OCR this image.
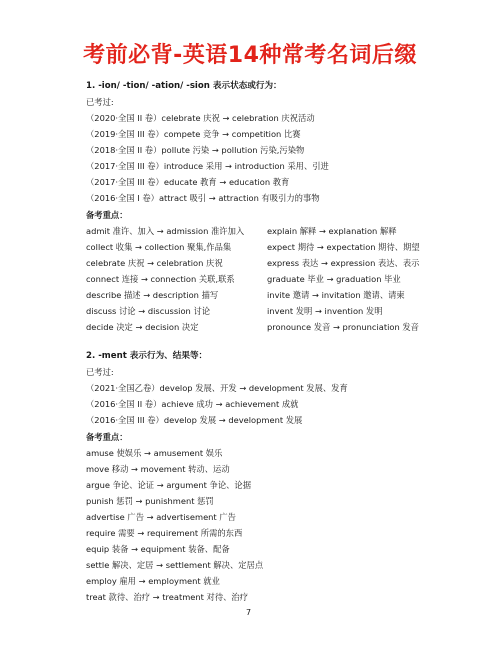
考前必背-英语14种常考名词后缀
1. -ion/ -tion/ -ation/ -sion 表示状态或行为：
已考过:
（2020·全国 II 卷）celebrate 庆祝 → celebration 庆祝活动
（2019·全国 III 卷）compete 竞争 → competition 比赛
（2018·全国 II 卷）pollute 污染 → pollution 污染,污染物
（2017·全国 III 卷）introduce 采用 → introduction 采用、引进
（2017·全国 III 卷）educate 教育 → education 教育
（2016·全国 I 卷）attract 吸引 → attraction 有吸引力的事物
备考重点：
admit 准许、加入 → admission 准许加入
collect 收集 → collection 聚集,作品集
celebrate 庆祝 → celebration 庆祝
connect 连接 → connection 关联,联系
describe 描述 → description 描写
discuss 讨论 → discussion 讨论
decide 决定 → decision 决定
explain 解释 → explanation 解释
expect 期待 → expectation 期待、期望
express 表达 → expression 表达、表示
graduate 毕业 → graduation 毕业
invite 邀请 → invitation 邀请、请柬
invent 发明 → invention 发明
pronounce 发音 → pronunciation 发音
2. -ment 表示行为、结果等：
已考过:
（2021·全国乙卷）develop 发展、开发 → development 发展、发育
（2016·全国 II 卷）achieve 成功 → achievement 成就
（2016·全国 III 卷）develop 发展 → development 发展
备考重点：
amuse 使娱乐 → amusement 娱乐
move 移动 → movement 转动、运动
argue 争论、论证 → argument 争论、论据
punish 惩罚 → punishment 惩罚
advertise 广告 → advertisement 广告
require 需要 → requirement 所需的东西
equip 装备 → equipment 装备、配备
settle 解决、定居 → settlement 解决、定居点
employ 雇用 → employment 就业
treat 款待、治疗 → treatment 对待、治疗
7
